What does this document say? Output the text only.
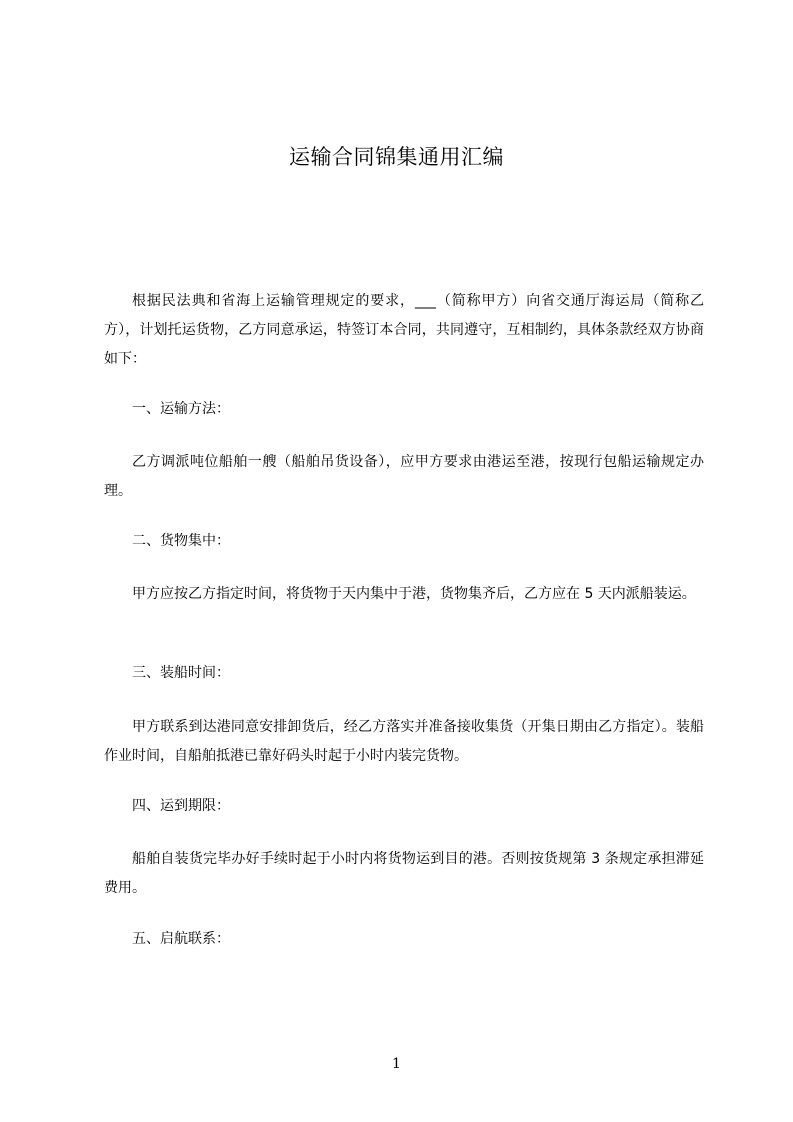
运输合同锦集通用汇编

根据民法典和省海上运输管理规定的要求，___（简称甲方）向省交通厅海运局（简称乙方），计划托运货物，乙方同意承运，特签订本合同，共同遵守，互相制约，具体条款经双方协商如下：

一、运输方法：

乙方调派吨位船舶一艘（船舶吊货设备），应甲方要求由港运至港，按现行包船运输规定办理。

二、货物集中：

甲方应按乙方指定时间，将货物于天内集中于港，货物集齐后，乙方应在 5 天内派船装运。

三、装船时间：

甲方联系到达港同意安排卸货后，经乙方落实并准备接收集货（开集日期由乙方指定）。装船作业时间，自船舶抵港已靠好码头时起于小时内装完货物。

四、运到期限：

船舶自装货完毕办好手续时起于小时内将货物运到目的港。否则按货规第 3 条规定承担滞延费用。

五、启航联系：

1
